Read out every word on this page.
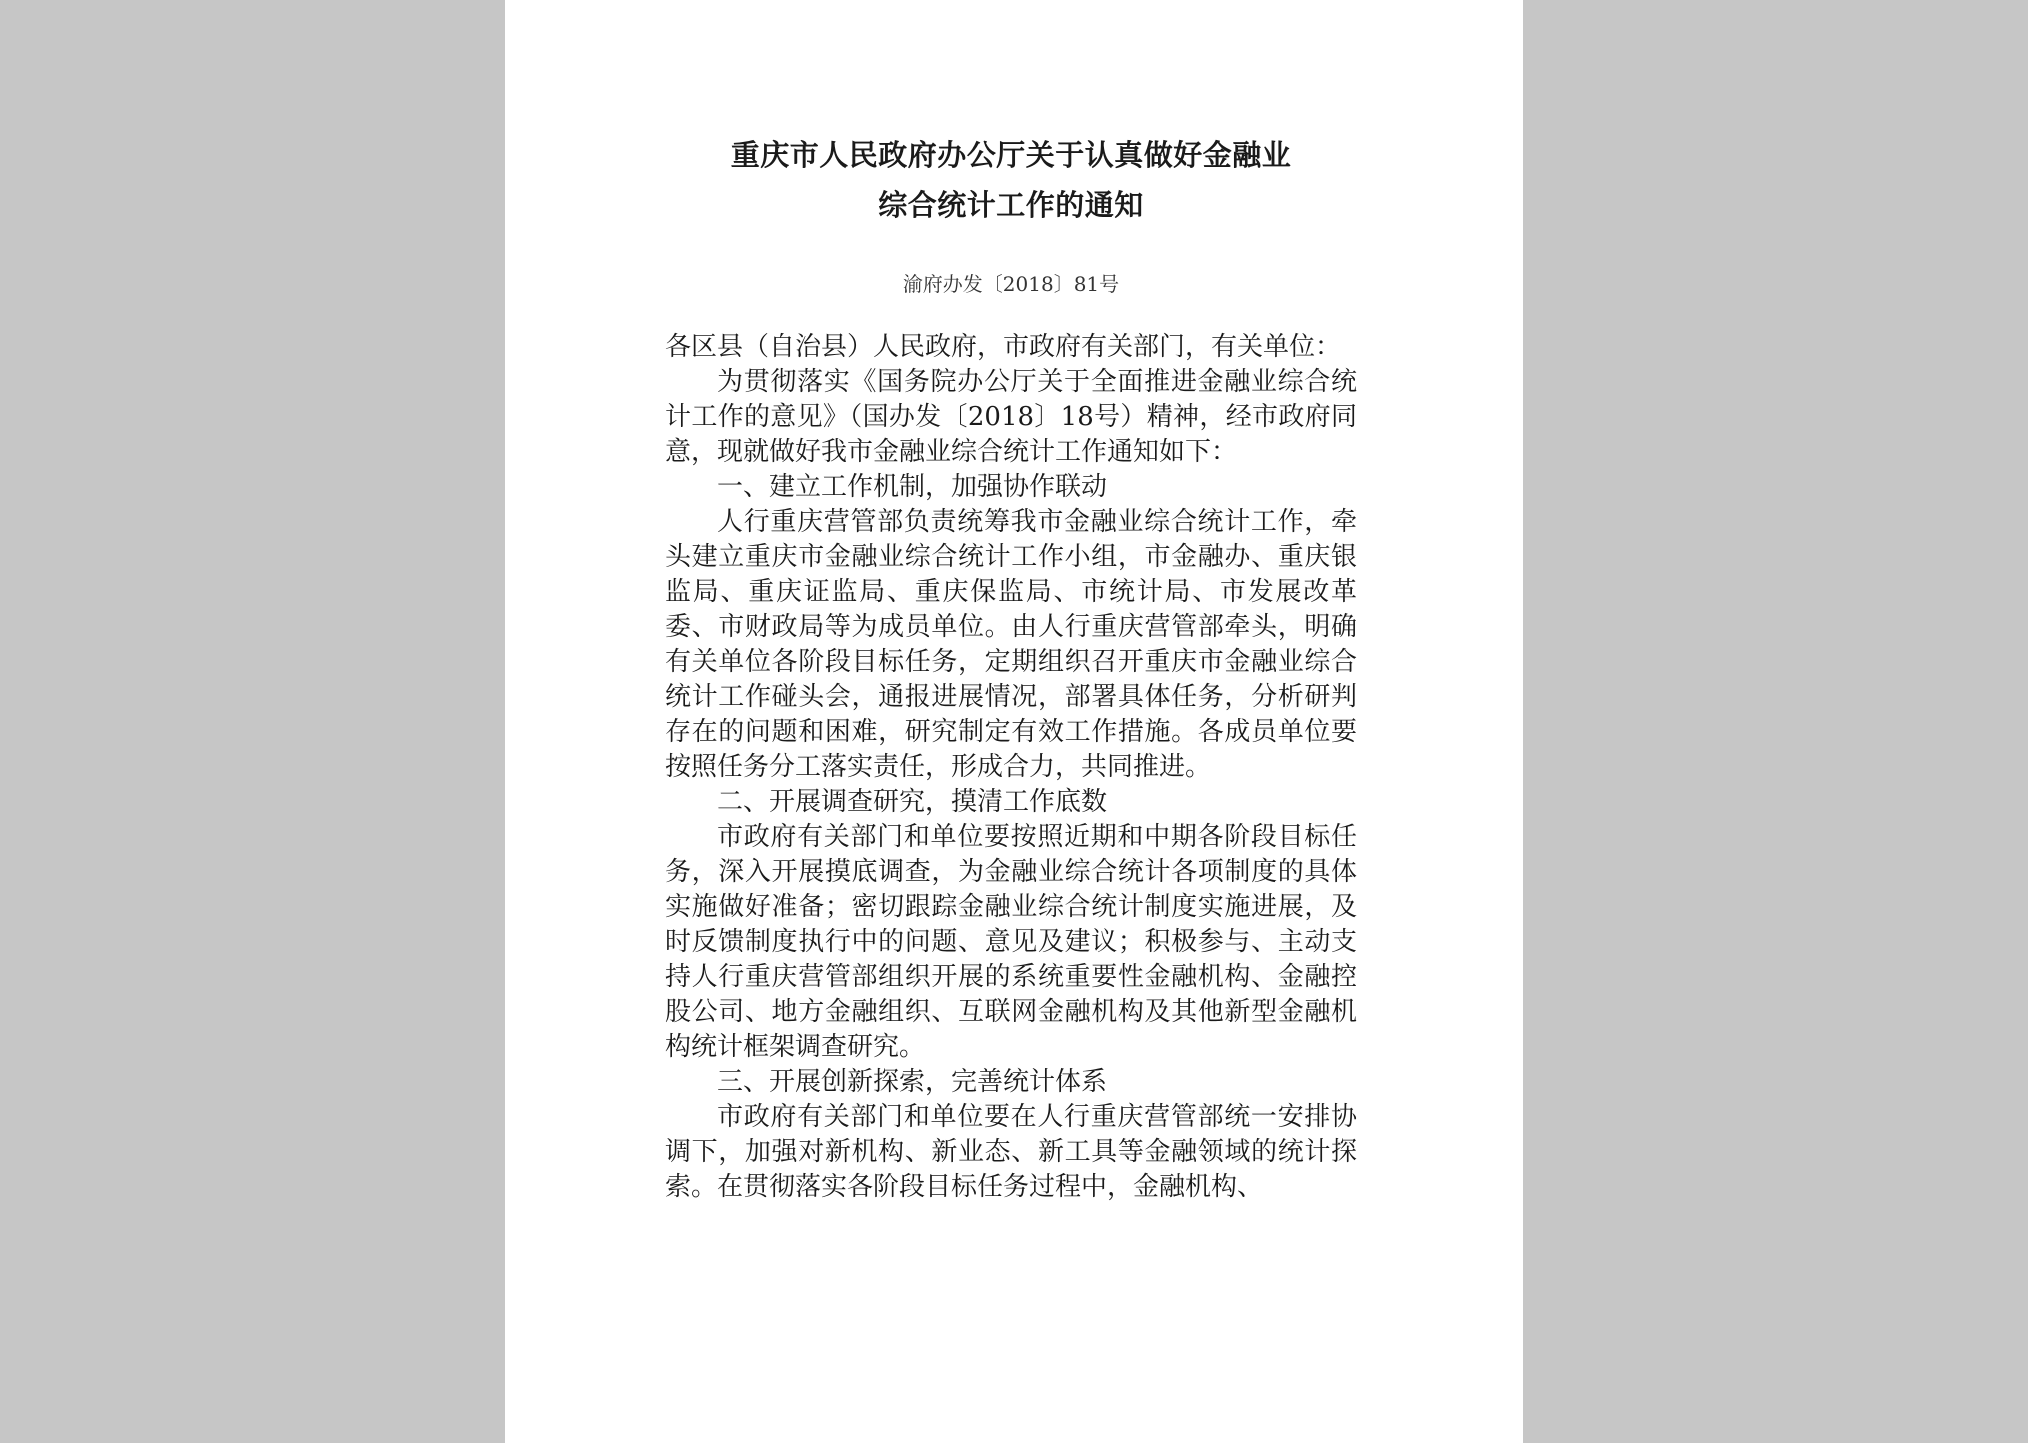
重庆市人民政府办公厅关于认真做好金融业
综合统计工作的通知
渝府办发〔2018〕81号

各区县（自治县）人民政府，市政府有关部门，有关单位：

为贯彻落实《国务院办公厅关于全面推进金融业综合统计工作的意见》（国办发〔2018〕18号）精神，经市政府同意，现就做好我市金融业综合统计工作通知如下：

一、建立工作机制，加强协作联动

人行重庆营管部负责统筹我市金融业综合统计工作，牵头建立重庆市金融业综合统计工作小组，市金融办、重庆银监局、重庆证监局、重庆保监局、市统计局、市发展改革委、市财政局等为成员单位。由人行重庆营管部牵头，明确有关单位各阶段目标任务，定期组织召开重庆市金融业综合统计工作碰头会，通报进展情况，部署具体任务，分析研判存在的问题和困难，研究制定有效工作措施。各成员单位要按照任务分工落实责任，形成合力，共同推进。

二、开展调查研究，摸清工作底数

市政府有关部门和单位要按照近期和中期各阶段目标任务，深入开展摸底调查，为金融业综合统计各项制度的具体实施做好准备；密切跟踪金融业综合统计制度实施进展，及时反馈制度执行中的问题、意见及建议；积极参与、主动支持人行重庆营管部组织开展的系统重要性金融机构、金融控股公司、地方金融组织、互联网金融机构及其他新型金融机构统计框架调查研究。

三、开展创新探索，完善统计体系

市政府有关部门和单位要在人行重庆营管部统一安排协调下，加强对新机构、新业态、新工具等金融领域的统计探索。在贯彻落实各阶段目标任务过程中，金融机构、
